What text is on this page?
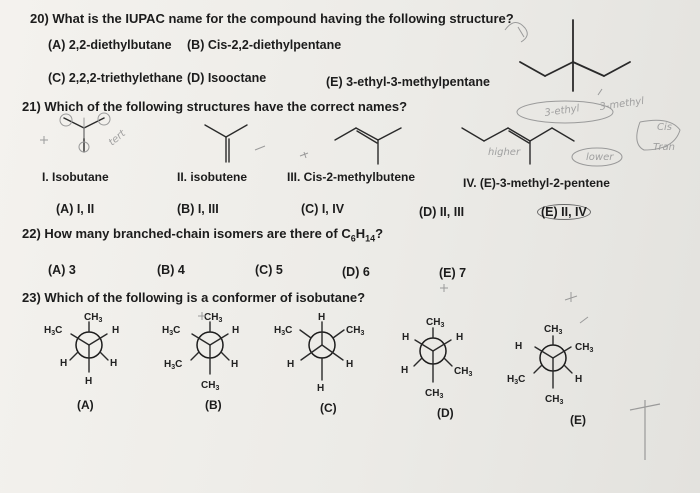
20) What is the IUPAC name for the compound having the following structure?
(A) 2,2-diethylbutane (B) Cis-2,2-diethylpentane
(C) 2,2,2-triethylethane (D) Isooctane	(E) 3-ethyl-3-methylpentane
21) Which of the following structures have the correct names?
I. Isobutane	II. isobutene	III. Cis-2-methylbutene	IV. (E)-3-methyl-2-pentene
(A) I, II	(B) I, III	(C) I, IV	(D) II, III	(E) II, IV
22) How many branched-chain isomers are there of $C_6H_{14}$?
(A) 3	(B) 4	(C) 5	(D) 6	(E) 7
23) Which of the following is a conformer of isobutane?
(A)	(B)	(C)	(D)	(E)
tert
3-ethyl 3-methyl
Cis
Tran
lower
higher
$CH_3$
$H_3C$	H
H	H
H
$CH_3$
$H_3C$	H
$H_3C$	H
$CH_3$
H
$H_3C$	$CH_3$
H	H
H
$CH_3$
H	H
H	$CH_3$
$CH_3$
$CH_3$
H	$CH_3$
$H_3C$	H
$CH_3$
